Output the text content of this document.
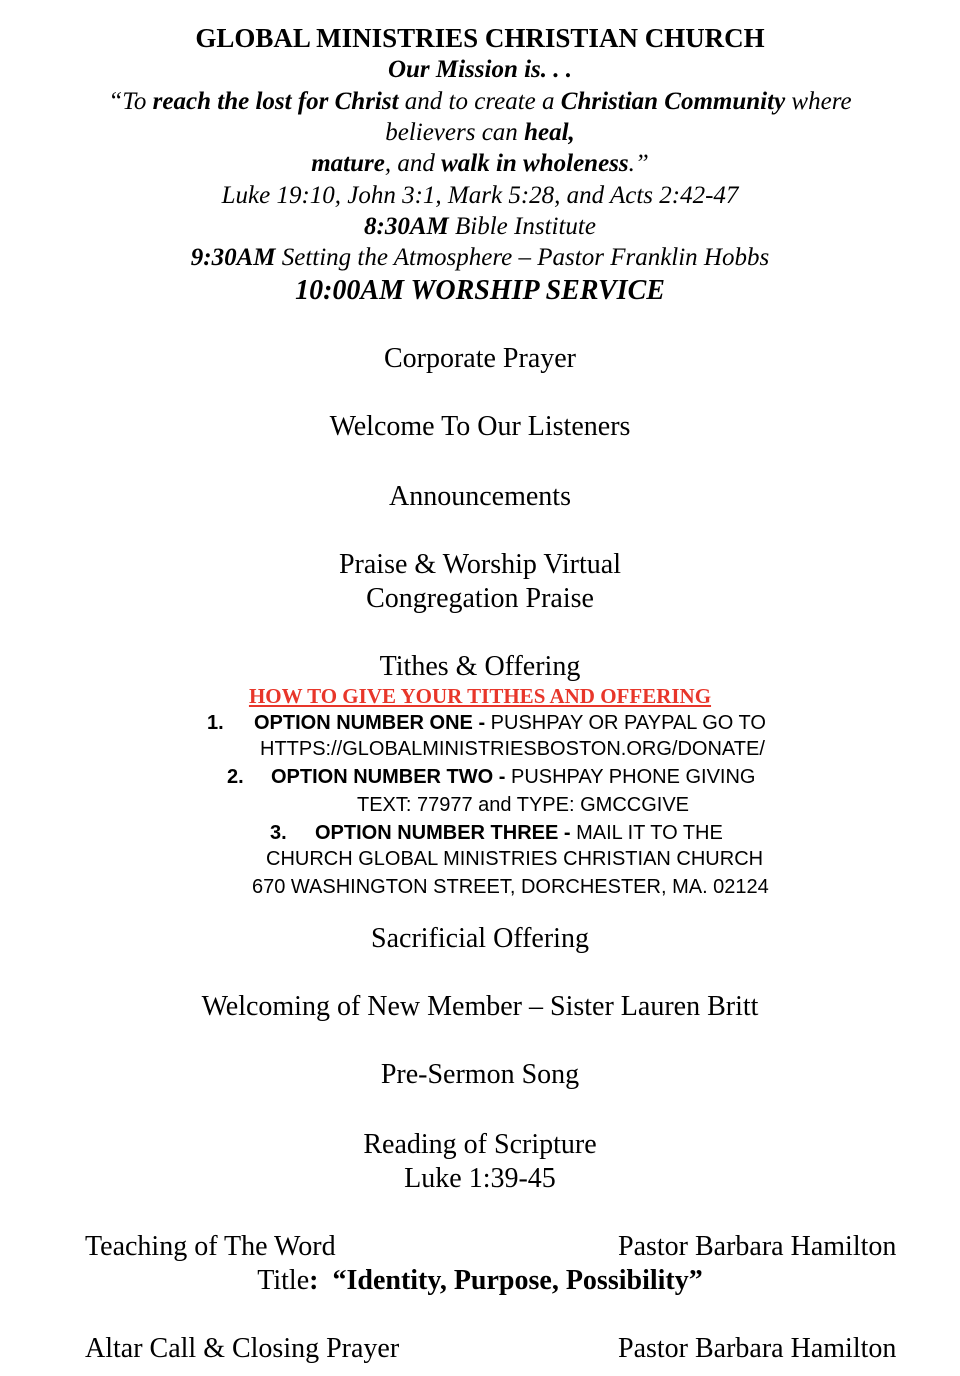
GLOBAL MINISTRIES CHRISTIAN CHURCH
Our Mission is. . .
“To reach the lost for Christ and to create a Christian Community where
believers can heal,
mature, and walk in wholeness.”
Luke 19:10, John 3:1, Mark 5:28, and Acts 2:42-47
8:30AM Bible Institute
9:30AM Setting the Atmosphere – Pastor Franklin Hobbs
10:00AM WORSHIP SERVICE
Corporate Prayer
Welcome To Our Listeners
Announcements
Praise & Worship Virtual
Congregation Praise
Tithes & Offering
HOW TO GIVE YOUR TITHES AND OFFERING
1. OPTION NUMBER ONE - PUSHPAY OR PAYPAL GO TO
HTTPS://GLOBALMINISTRIESBOSTON.ORG/DONATE/
2. OPTION NUMBER TWO - PUSHPAY PHONE GIVING
TEXT: 77977 and TYPE: GMCCGIVE
3. OPTION NUMBER THREE - MAIL IT TO THE
CHURCH GLOBAL MINISTRIES CHRISTIAN CHURCH
670 WASHINGTON STREET, DORCHESTER, MA. 02124
Sacrificial Offering
Welcoming of New Member – Sister Lauren Britt
Pre-Sermon Song
Reading of Scripture
Luke 1:39-45
Teaching of The Word	Pastor Barbara Hamilton
Title:  “Identity, Purpose, Possibility”
Altar Call & Closing Prayer	Pastor Barbara Hamilton
